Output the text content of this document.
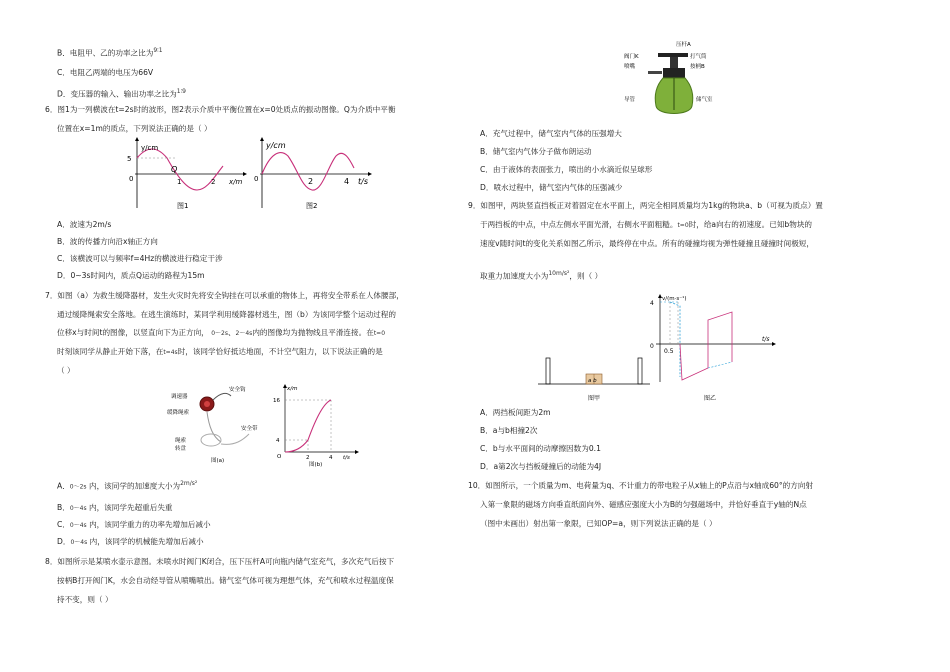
B．电阻甲、乙的功率之比为$^{9∶1}$
C．电阻乙两端的电压为66V
D．变压器的输入、输出功率之比为$^{1∶9}$
6．图1为一列横波在t=2s时的波形，图2表示介质中平衡位置在x=0处质点的振动图像。Q为介质中平衡
位置在x=1m的质点，下列说法正确的是（ ）
y/cm
5
0
Q
1	2 x/m
图1
y/cm
0	2	4 t/s
图2
A．波速为2m/s
B．波的传播方向沿x轴正方向
C．该横波可以与频率f=4Hz的横波进行稳定干涉
D．0~3s时间内，质点Q运动的路程为15m
7．如图（a）为救生缓降器材，发生火灾时先将安全钩挂在可以承重的物体上，再将安全带系在人体腰部，
通过缓降绳索安全落地。在逃生演练时，某同学利用缓降器材逃生，图（b）为该同学整个运动过程的
位移x与时间t的图像，以竖直向下为正方向， 0～2s、2～4s内的图像均为抛物线且平滑连接。在t=0
时刻该同学从静止开始下落，在t=4s时，该同学恰好抵达地面，不计空气阻力，以下说法正确的是
（ ）
调速器
安全钩
缓降绳索
安全带
绳索
转盘
图(a)
x/m
16
4
O	2	4 t/s
图(b)
A．0～2s 内，该同学的加速度大小为$^{2m/s^2}$
B．0～4s 内，该同学先超重后失重
C．0～4s 内，该同学重力的功率先增加后减小
D．0～4s 内，该同学的机械能先增加后减小
8．如图所示是某喷水壶示意图。未喷水时阀门K闭合，压下压杆A可向瓶内储气室充气，多次充气后按下
按柄B打开阀门K，水会自动经导管从喷嘴喷出。储气室气体可视为理想气体，充气和喷水过程温度保
持不变，则（ ）
压杆A
阀门K	打气筒
喷嘴	按柄B
导管	储气室
A．充气过程中，储气室内气体的压强增大
B．储气室内气体分子做布朗运动
C．由于液体的表面张力，喷出的小水滴近似呈球形
D．喷水过程中，储气室内气体的压强减少
9．如图甲，两块竖直挡板正对着固定在水平面上，两完全相同质量均为1kg的物块a、b（可视为质点）置
于两挡板的中点，中点左侧水平面光滑，右侧水平面粗糙。t=0时，给a向右的初速度。已知b物块的
速度v随时间t的变化关系如图乙所示，最终停在中点。所有的碰撞均视为弹性碰撞且碰撞时间极短，
取重力加速度大小为$^{10m/s^2}$，则（ ）
a b
图甲
v/(m·s⁻¹)
4
0
0.5
t/s
图乙
A．两挡板间距为2m
B．a与b相撞2次
C．b与水平面间的动摩擦因数为0.1
D．a第2次与挡板碰撞后的动能为4J
10．如图所示，一个质量为m、电荷量为q、不计重力的带电粒子从x轴上的P点沿与x轴成60°的方向射
入第一象限的磁场方向垂直纸面向外、磁感应强度大小为B的匀强磁场中，并恰好垂直于y轴的N点
（图中未画出）射出第一象限，已知OP=a，则下列说法正确的是（ ）
